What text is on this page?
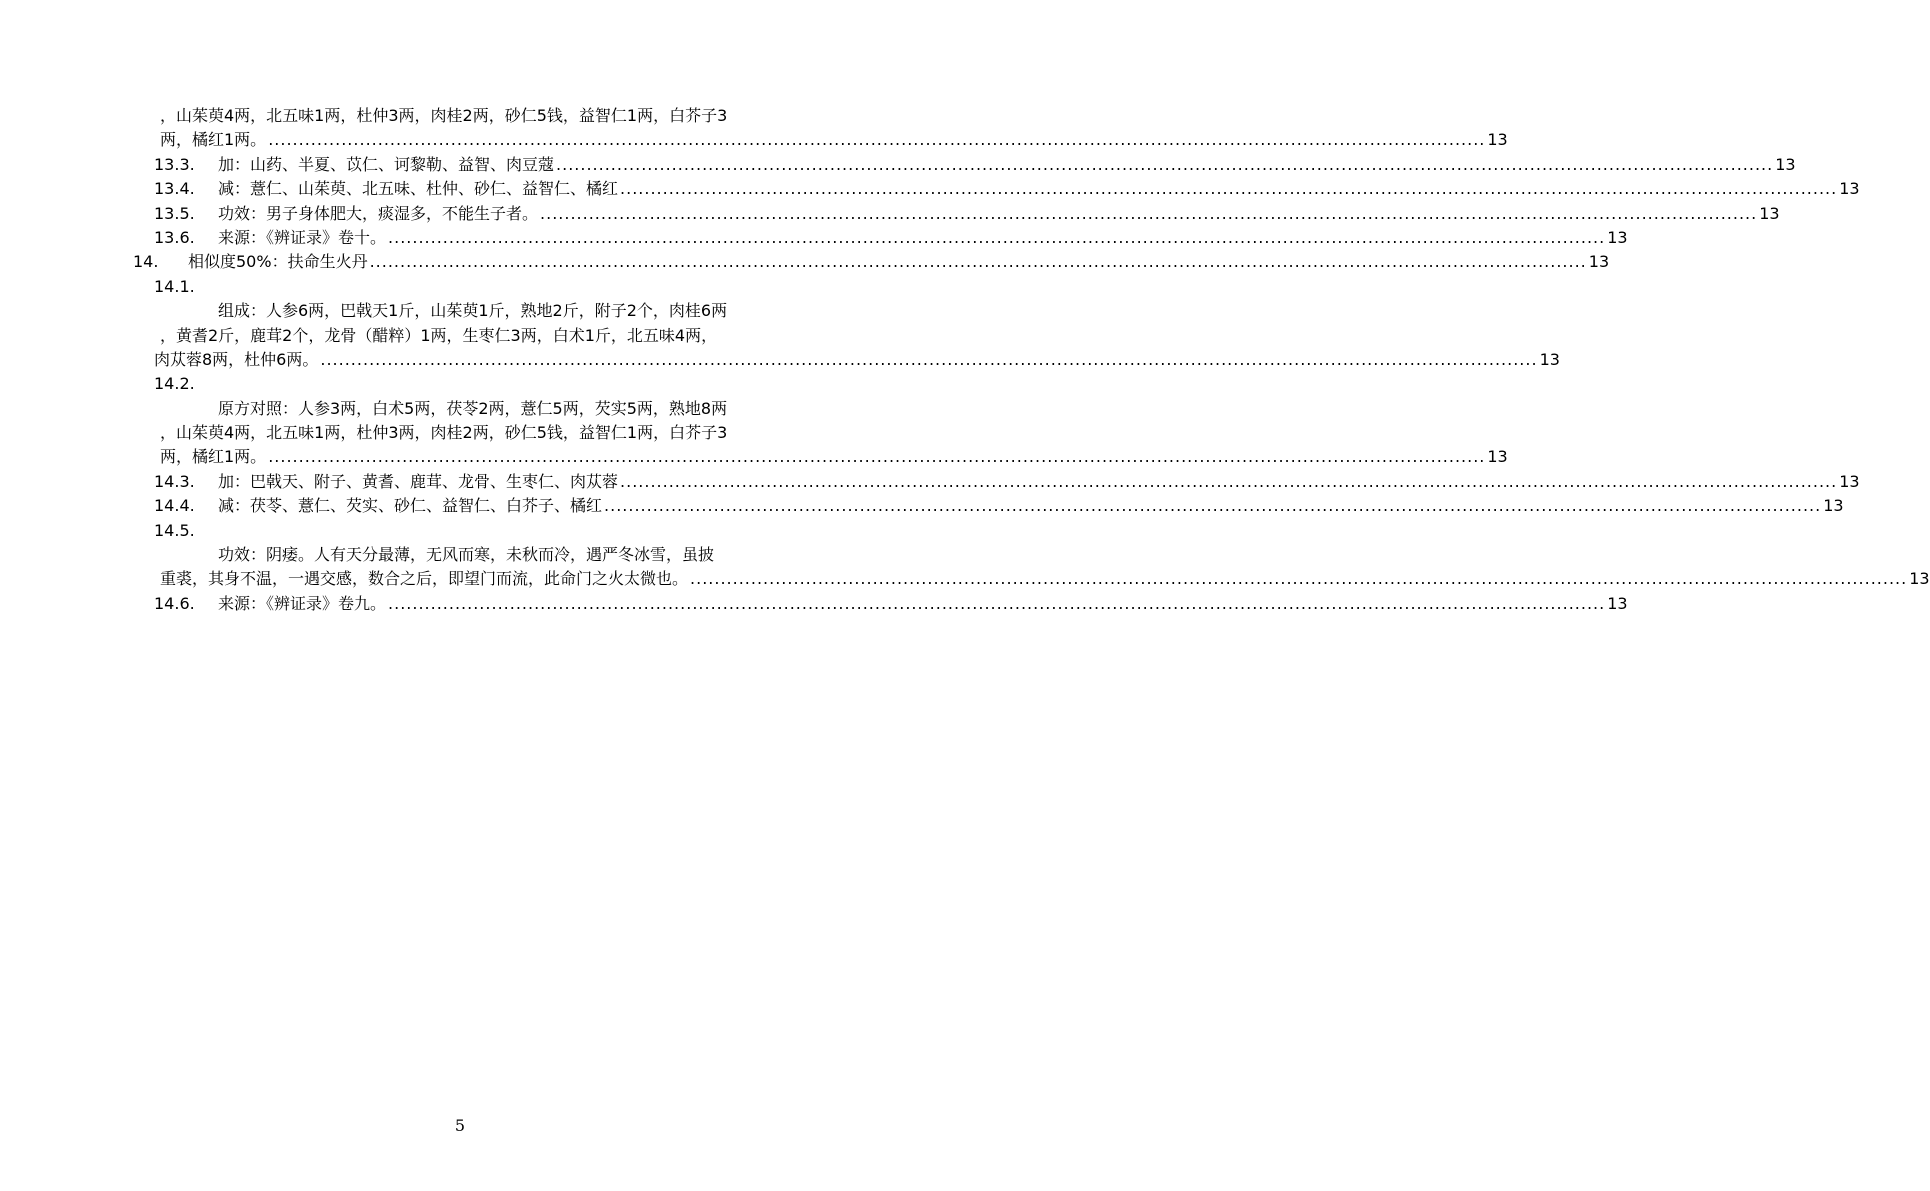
，山茱萸4两，北五味1两，杜仲3两，肉桂2两，砂仁5钱，益智仁1两，白芥子3
两，橘红1两。 ........................................................................................................................................................................................................ 13
13.3. 加：山药、半夏、苡仁、诃黎勒、益智、肉豆蔻 ........................................................................................................................................................................................................ 13
13.4. 减：薏仁、山茱萸、北五味、杜仲、砂仁、益智仁、橘红 ........................................................................................................................................................................................................ 13
13.5. 功效：男子身体肥大，痰湿多，不能生子者。 ........................................................................................................................................................................................................ 13
13.6. 来源：《辨证录》卷十。 ........................................................................................................................................................................................................ 13
14. 相似度50%：扶命生火丹 ........................................................................................................................................................................................................ 13
14.1.
组成：人参6两，巴戟天1斤，山茱萸1斤，熟地2斤，附子2个，肉桂6两
，黄耆2斤，鹿茸2个，龙骨（醋粹）1两，生枣仁3两，白术1斤，北五味4两，
肉苁蓉8两，杜仲6两。 ........................................................................................................................................................................................................ 13
14.2.
原方对照：人参3两，白术5两，茯苓2两，薏仁5两，芡实5两，熟地8两
，山茱萸4两，北五味1两，杜仲3两，肉桂2两，砂仁5钱，益智仁1两，白芥子3
两，橘红1两。 ........................................................................................................................................................................................................ 13
14.3. 加：巴戟天、附子、黄耆、鹿茸、龙骨、生枣仁、肉苁蓉 ........................................................................................................................................................................................................ 13
14.4. 减：茯苓、薏仁、芡实、砂仁、益智仁、白芥子、橘红 ........................................................................................................................................................................................................ 13
14.5.
功效：阴痿。人有天分最薄，无风而寒，未秋而冷，遇严冬冰雪，虽披
重裘，其身不温，一遇交感，数合之后，即望门而流，此命门之火太微也。 ........................................................................................................................................................................................................ 13
14.6. 来源：《辨证录》卷九。 ........................................................................................................................................................................................................ 13
5
